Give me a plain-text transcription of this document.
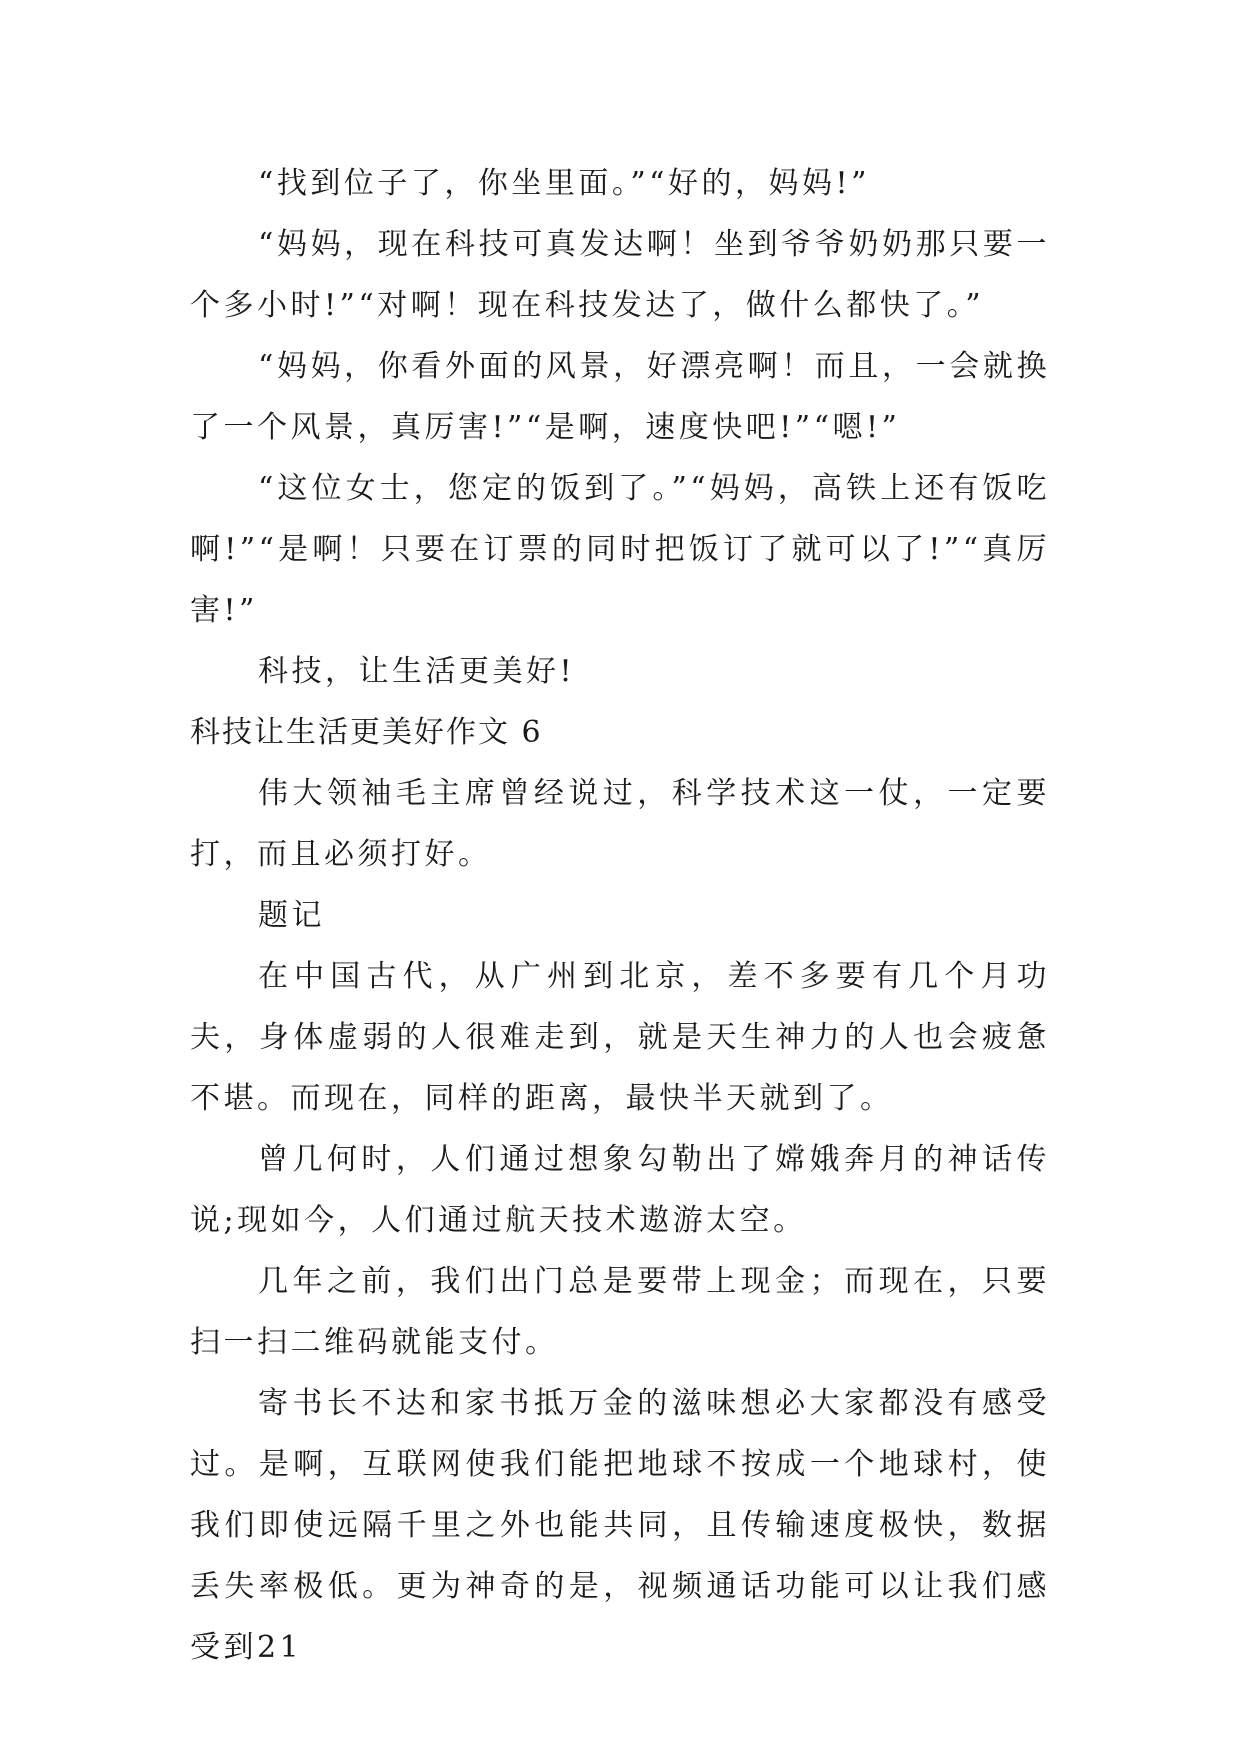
“找到位子了，你坐里面。”“好的，妈妈!”

“妈妈，现在科技可真发达啊！坐到爷爷奶奶那只要一个多小时!”“对啊！现在科技发达了，做什么都快了。”

“妈妈，你看外面的风景，好漂亮啊！而且，一会就换了一个风景，真厉害!”“是啊，速度快吧!”“嗯!”

“这位女士，您定的饭到了。”“妈妈，高铁上还有饭吃啊!”“是啊！只要在订票的同时把饭订了就可以了!”“真厉害!”

科技，让生活更美好!

科技让生活更美好作文 6

伟大领袖毛主席曾经说过，科学技术这一仗，一定要打，而且必须打好。

题记

在中国古代，从广州到北京，差不多要有几个月功夫，身体虚弱的人很难走到，就是天生神力的人也会疲惫不堪。而现在，同样的距离，最快半天就到了。

曾几何时，人们通过想象勾勒出了嫦娥奔月的神话传说;现如今，人们通过航天技术遨游太空。

几年之前，我们出门总是要带上现金；而现在，只要扫一扫二维码就能支付。

寄书长不达和家书抵万金的滋味想必大家都没有感受过。是啊，互联网使我们能把地球不按成一个地球村，使我们即使远隔千里之外也能共同，且传输速度极快，数据丢失率极低。更为神奇的是，视频通话功能可以让我们感受到21
